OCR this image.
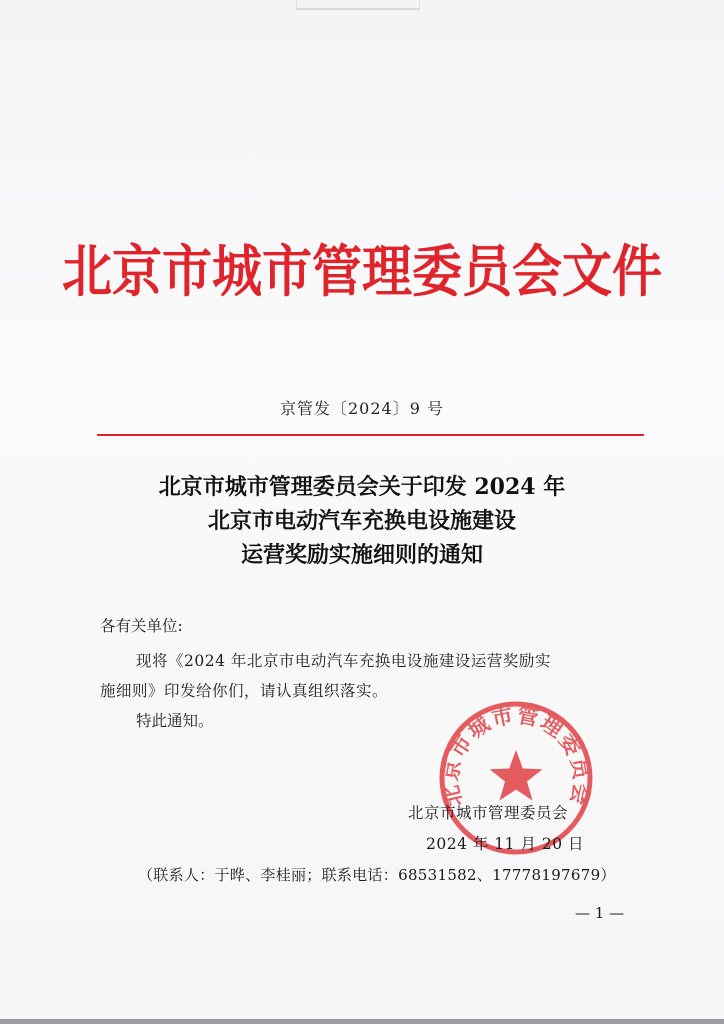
北京市城市管理委员会文件
京管发〔2024〕9 号
北京市城市管理委员会关于印发 2024 年
北京市电动汽车充换电设施建设
运营奖励实施细则的通知
各有关单位:
现将《2024 年北京市电动汽车充换电设施建设运营奖励实
施细则》印发给你们，请认真组织落实。
特此通知。
北京市城市管理委员会
北京市城市管理委员会
2024 年 11 月 20 日
（联系人：于晔、李桂丽；联系电话：68531582、17778197679）
— 1 —
